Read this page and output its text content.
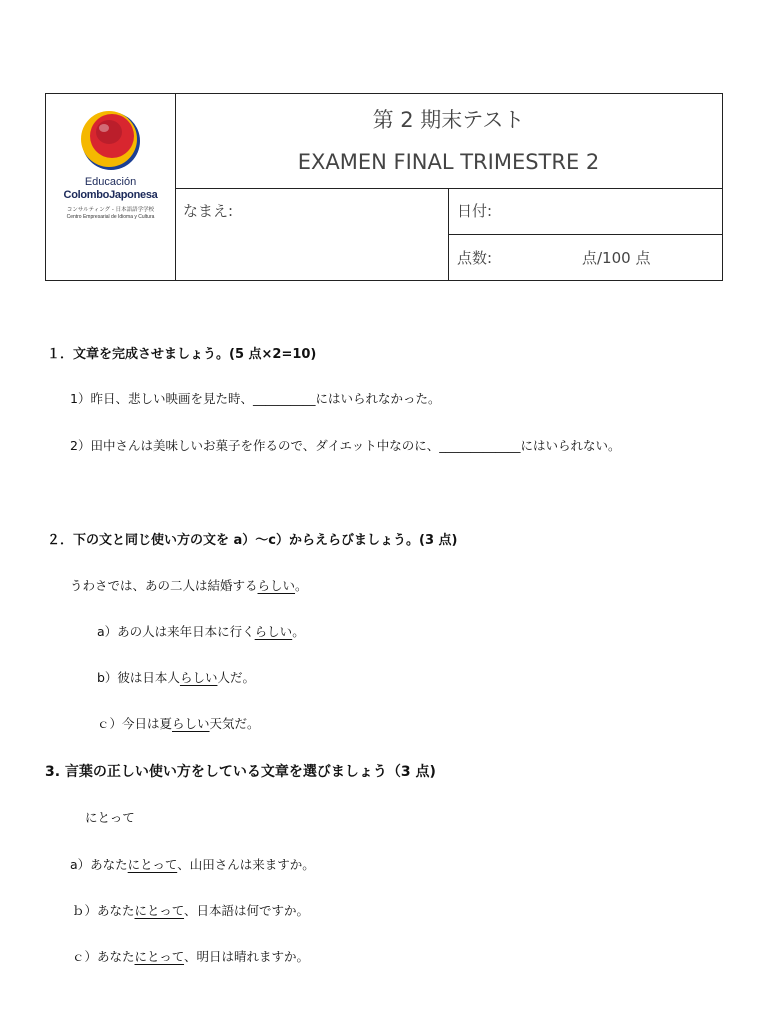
Educación
ColomboJaponesa
コンサルティング - 日本語語学学校
Centro Empresarial de Idioma y Cultura
第 2 期末テスト
EXAMEN FINAL TRIMESTRE 2
なまえ:	日付:
点数:	点/100 点
１．文章を完成させましょう。(5 点×2=10)
1）昨日、悲しい映画を見た時、__________にはいられなかった。
2）田中さんは美味しいお菓子を作るので、ダイエット中なのに、_____________にはいられない。
２．下の文と同じ使い方の文を a）～c）からえらびましょう。(3 点)
うわさでは、あの二人は結婚するらしい。
a）あの人は来年日本に行くらしい。
b）彼は日本人らしい人だ。
ｃ）今日は夏らしい天気だ。
3. 言葉の正しい使い方をしている文章を選びましょう（3 点)
にとって
a）あなたにとって、山田さんは来ますか。
ｂ）あなたにとって、日本語は何ですか。
ｃ）あなたにとって、明日は晴れますか。
